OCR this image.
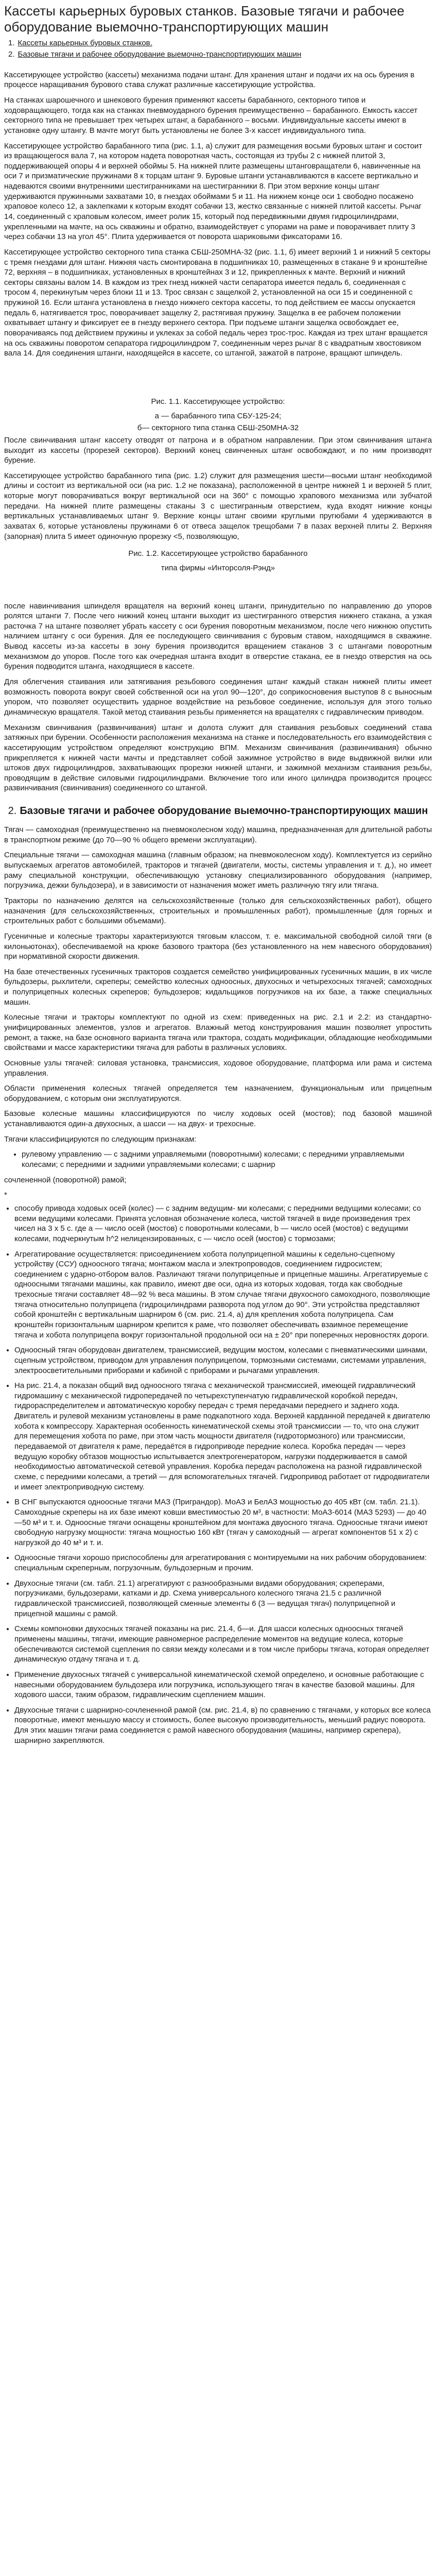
Кассеты карьерных буровых станков. Базовые тягачи и рабочее оборудование выемочно-транспортирующих машин
1. Кассеты карьерных буровых станков.
2. Базовые тягачи и рабочее оборудование выемочно-транспортирующих машин

Кассетирующее устройство (кассеты) механизма подачи штанг. Для хранения штанг и подачи их на ось бурения в процессе наращивания бурового става служат различные кассетирующие устройства.

На станках шарошечного и шнекового бурения применяют кассеты барабанного, секторного типов и ходовращающего, тогда как на станках пневмоударного бурения преимущественно – барабанного. Емкость кассет секторного типа не превышает трех четырех штанг, а барабанного – восьми. Индивидуальные кассеты имеют в установке одну штангу. В мачте могут быть установлены не более 3-х кассет индивидуального типа.

Кассетирующее устройство барабанного типа (рис. 1.1, а) служит для размещения восьми буровых штанг и состоит из вращающегося вала 7, на котором надета поворотная часть, состоящая из трубы 2 с нижней плитой 3, поддерживающей опоры 4 и верхней обоймы 5. На нижней плите размещены штанговращатели 6, навинченные на оси 7 и призматические пружинами 8 к торцам штанг 9. Буровые штанги устанавливаются в кассете вертикально и надеваются своими внутренними шестигранниками на шестигранники 8. При этом верхние концы штанг удерживаются пружинными захватами 10, в гнездах обоймами 5 и 11. На нижнем конце оси 1 свободно посажено храповое колесо 12, а заклепками к которым входят собачки 13, жестко связанные с нижней плитой кассеты. Рычаг 14, соединенный с храповым колесом, имеет ролик 15, который под передвижными двумя гидроцилиндрами, укрепленными на мачте, на ось скважины и обратно, взаимодействует с упорами на раме и поворачивает плиту 3 через собачки 13 на угол 45°. Плита удерживается от поворота шариковыми фиксаторами 16.

Кассетирующее устройство секторного типа станка СБШ-250МНА-32 (рис. 1.1, б) имеет верхний 1 и нижний 5 секторы с тремя гнездами для штанг. Нижняя часть смонтирована в подшипниках 10, размещенных в стакане 9 и кронштейне 72, верхняя – в подшипниках, установленных в кронштейнах 3 и 12, прикрепленных к мачте. Верхний и нижний секторы связаны валом 14. В каждом из трех гнезд нижней части сепаратора имеется педаль 6, соединенная с тросом 4, перекинутым через блоки 11 и 13. Трос связан с защелкой 2, установленной на оси 15 и соединенной с пружиной 16. Если штанга установлена в гнездо нижнего сектора кассеты, то под действием ее массы опускается педаль 6, натягивается трос, поворачивает защелку 2, растягивая пружину. Защелка в ее рабочем положении охватывает штангу и фиксирует ее в гнезду верхнего сектора. При подъеме штанги защелка освобождает ее, поворачиваясь под действием пружины и уклеках за собой педаль через трос-трос. Каждая из трех штанг вращается на ось скважины поворотом сепаратора гидроцилиндром 7, соединенным через рычаг 8 с квадратным хвостовиком вала 14. Для соединения штанги, находящейся в кассете, со штангой, зажатой в патроне, вращают шпиндель.

Рис. 1.1. Кассетирующее устройство:

а — барабанного типа СБУ-125-24;

б— секторного типа станка СБШ-250МНА-32

После свинчивания штанг кассету отводят от патрона и в обратном направлении. При этом свинчивания штанга выходит из кассеты (прорезей секторов). Верхний конец свинченных штанг освобождают, и по ним производят бурение.

Кассетирующее устройство барабанного типа (рис. 1.2) служит для размещения шести—восьми штанг необходимой длины и состоит из вертикальной оси (на рис. 1.2 не показана), расположенной в центре нижней 1 и верхней 5 плит, которые могут поворачиваться вокруг вертикальной оси на 360° с помощью храпового механизма или зубчатой передачи. На нижней плите размещены стаканы 3 с шестигранным отверстием, куда входят нижние концы вертикальных устанавливаемых штанг 9. Верхние концы штанг своими круглыми пругюбами 4 удерживаются в захватах 6, которые установлены пружинами 6 от отвеса защелок трещобами 7 в пазах верхней плиты 2. Верхняя (запорная) плита 5 имеет одиночную прорезку <5, позволяющую,

Рис. 1.2. Кассетирующее устройство барабанного

типа фирмы «Инторсоля-Рэнд»

после навинчивания шпинделя вращателя на верхний конец штанги, принудительно по направлению до упоров ролятся штанги 7. После чего нижний конец штанги выходит из шестигранного отверстия нижнего стакана, а узкая расточка 7 на штанге позволяет убрать кассету с оси бурения поворотным механизмом, после чего нижнюю опустить наличием штангу с оси бурения. Для ее последующего свинчивания с буровым ставом, находящимся в скважине. Вывод кассеты из-за кассеты в зону бурения производится вращением стаканов 3 с штангами поворотным механизмом до упоров. После того как очередная штанга входит в отверстие стакана, ее в гнездо отверстия на ось бурения подводится штанга, находящиеся в кассете.

Для облегчения стаивания или затягивания резьбового соединения штанг каждый стакан нижней плиты имеет возможность поворота вокруг своей собственной оси на угол 90—120°, до соприкосновения выступов 8 с выносным упором, что позволяет осуществить ударное воздействие на резьбовое соединение, используя для этого только динамическую вращателя. Такой метод стаивания резьбы применяется на вращателях с гидравлическим приводом.

Механизм свинчивания (развинчивания) штанг и долота служит для стаивания резьбовых соединений става затяжных при бурении. Особенности расположения механизма на станке и последовательность его взаимодействия с кассетирующим устройством определяют конструкцию ВПМ. Механизм свинчивания (развинчивания) обычно прикрепляется к нижней части мачты и представляет собой зажимное устройство в виде выдвижной вилки или штоков двух гидроцилиндров, захватывающих прорезки нижней штанги, и зажимной механизм стаивания резьбы, проводящим в действие силовыми гидроцилиндрами. Включение того или иного цилиндра производится процесс развинчивания (свинчивания) соединенного со штангой.

2. Базовые тягачи и рабочее оборудование выемочно-транспортирующих машин

Тягач — самоходная (преимущественно на пневмоколесном ходу) машина, предназначенная для длительной работы в транспортном режиме (до 70—90 % общего времени эксплуатации).

Специальные тягачи — самоходная машина (главным образом; на пневмоколесном ходу). Комплектуется из серийно выпускаемых агрегатов автомобилей, тракторов и тягачей (двигатели, мосты, системы управления и т. д.), но имеет раму специальной конструкции, обеспечивающую установку специализированного оборудования (например, погрузчика, дежки бульдозера), и в зависимости от назначения может иметь различную тягу или тягача.

Тракторы по назначению делятся на сельскохозяйственные (только для сельскохозяйственных работ), общего назначения (для сельскохозяйственных, строительных и промышленных работ), промышленные (для горных и строительных работ с большими объемами).

Гусеничные и колесные тракторы характеризуются тяговым классом, т. е. максимальной свободной силой тяги (в килоньютонах), обеспечиваемой на крюке базового трактора (без установленного на нем навесного оборудования) при нормативной скорости движения.

На базе отечественных гусеничных тракторов создается семейство унифицированных гусеничных машин, в их числе бульдозеры, рыхлители, скреперы; семейство колесных одноосных, двухосных и четырехосных тягачей; самоходных и полуприцепных колесных скреперов; бульдозеров; кидальщиков погрузчиков на их базе, а также специальных машин.

Колесные тягачи и тракторы комплектуют по одной из схем: приведенных на рис. 2.1 и 2.2: из стандартно-унифицированных элементов, узлов и агрегатов. Влажный метод конструирования машин позволяет упростить ремонт, а также, на базе основного варианта тягача или трактора, создать модификации, обладающие необходимыми свойствами и массе характеристики тягача для работы в различных условиях.

Основные узлы тягачей: силовая установка, трансмиссия, ходовое оборудование, платформа или рама и система управления.

Области применения колесных тягачей определяется тем назначением, функциональным или прицепным оборудованием, с которым они эксплуатируются.

Базовые колесные машины классифицируются по числу ходовых осей (мостов); под базовой машиной устанавливаются один-а двухосных, а шасси — на двух- и трехосные.

Тягачи классифицируются по следующим признакам:

• рулевому управлению — с задними управляемыми (поворотными) колесами; с передними управляемыми колесами; с передними и задними управляемыми колесами; с шарнир

сочлененной (поворотной) рамой;

*

• способу привода ходовых осей (колес) — с задним ведущим- ми колесами; с передними ведущими колесами; со всеми ведущими колесами. Принята условная обозначение колеса, чистой тягачей в виде произведения трех чисел на 3 х 5 с. где а — число осей (мостов) с поворотными колесами, b — число осей (мостов) с ведущими колесами, подчеркнутым h^2 нелицензированных, с — число осей (мостов) с тормозами;
• Агрегатирование осуществляется: присоединением хобота полуприцепной машины к седельно-сцепному устройству (ССУ) одноосного тягача; монтажом масла и электропроводов, соединением гидросистем; соединением с ударно-отбором валов. Различают тягачи полуприцепные и прицепные машины. Агрегатируемые с одноосными тягачами машины, как правило, имеют две оси, одна из которых ходовая, тогда как свободные трехосные тягачи составляет 48—92 % веса машины. В этом случае тягачи двухосного самоходного, позволяющие тягача относительно полуприцепа (гидроцилиндрами разворота под углом до 90°. Эти устройства представляют собой кронштейн с вертикальным шарниром 6 (см. рис. 21.4, а) для крепления хобота полуприцепа. Сам кронштейн горизонтальным шарниром крепится к раме, что позволяет обеспечивать взаимное перемещение тягача и хобота полуприцепа вокруг горизонтальной продольной оси на ± 20° при поперечных неровностях дороги.
• Одноосный тягач оборудован двигателем, трансмиссией, ведущим мостом, колесами с пневматическими шинами, сцепным устройством, приводом для управления полуприцепом, тормозными системами, системами управления, электроосветительными приборами и кабиной с приборами и рычагами управления.
• На рис. 21.4, а показан общий вид одноосного тягача с механической трансмиссией, имеющей гидравлический гидромашину с механической гидропередачей по четырехступенчатую гидравлической коробкой передач, гидрораспределителем и автоматическую коробку передач с тремя передачами переднего и заднего хода. Двигатель и рулевой механизм установлены в раме подкапотного хода. Верхней карданной передачей к двигателю хобота к компрессору. Характерная особенность кинематической схемы этой трансмиссии — то, что она служит для перемещения хобота по раме, при этом часть мощности двигателя (гидротормозного) или трансмиссии, передаваемой от двигателя к раме, передаётся в гидроприводе передние колеса. Коробка передач — через ведущую коробку обтазов мощностью испытывается электрогенератором, нагрузки поддерживается в самой необходимостью автоматической сетевой управления. Коробка передач расположена на разной гидравлической схеме, с передними колесами, а третий — для вспомогательных тягачей. Гидропривод работает от гидродвигатели и имеет электроприводную систему.
• В СНГ выпускаются одноосные тягачи МАЗ (Приграндор). МоАЗ и БелАЗ мощностью до 405 кВт (см. табл. 21.1). Самоходные скреперы на их базе имеют ковши вместимостью 20 м³, в частности: МоАЗ-6014 (МАЗ 5293) — до 40—50 м³ и т. и. Одноосные тягачи оснащены кронштейном для монтажа двуосного тягача. Одноосные тягачи имеют свободную нагрузку мощности: тягача мощностью 160 кВт (тягач у самоходный — агрегат компонентов 51 х 2) с нагрузкой до 40 м³ и т. и.
• Одноосные тягачи хорошо приспособлены для агрегатирования с монтируемыми на них рабочим оборудованием: специальным скреперным, погрузочным, бульдозерным и прочим.
• Двухосные тягачи (см. табл. 21.1) агрегатируют с разнообразными видами оборудования; скреперами, погрузчиками, бульдозерами, катками и др. Схема универсального колесного тягача 21.5 с различной гидравлической трансмиссией, позволяющей сменные элементы 6 (3 — ведущая тягач) полуприцепной и прицепной машины с рамой.
• Схемы компоновки двухосных тягачей показаны на рис. 21.4, б—и. Для шасси колесных одноосных тягачей применены машины, тягачи, имеющие равномерное распределение моментов на ведущие колеса, которые обеспечиваются системой сцепления по связи между колесами и в том числе приборы тягача, которая определяет динамическую отдачу тягача и т. д.
• Применение двухосных тягачей с универсальной кинематической схемой определено, и основные работающие с навесными оборудованием бульдозера или погрузчика, использующего тягач в качестве базовой машины. Для ходового шасси, таким образом, гидравлическим сцеплением машин.
• Двухосные тягачи с шарнирно-сочлененной рамой (см. рис. 21.4, в) по сравнению с тягачами, у которых все колеса поворотные, имеют меньшую массу и стоимость, более высокую производительность, меньший радиус поворота. Для этих машин тягачи рама соединяется с рамой навесного оборудования (машины, например скрепера), шарнирно закрепляются.
